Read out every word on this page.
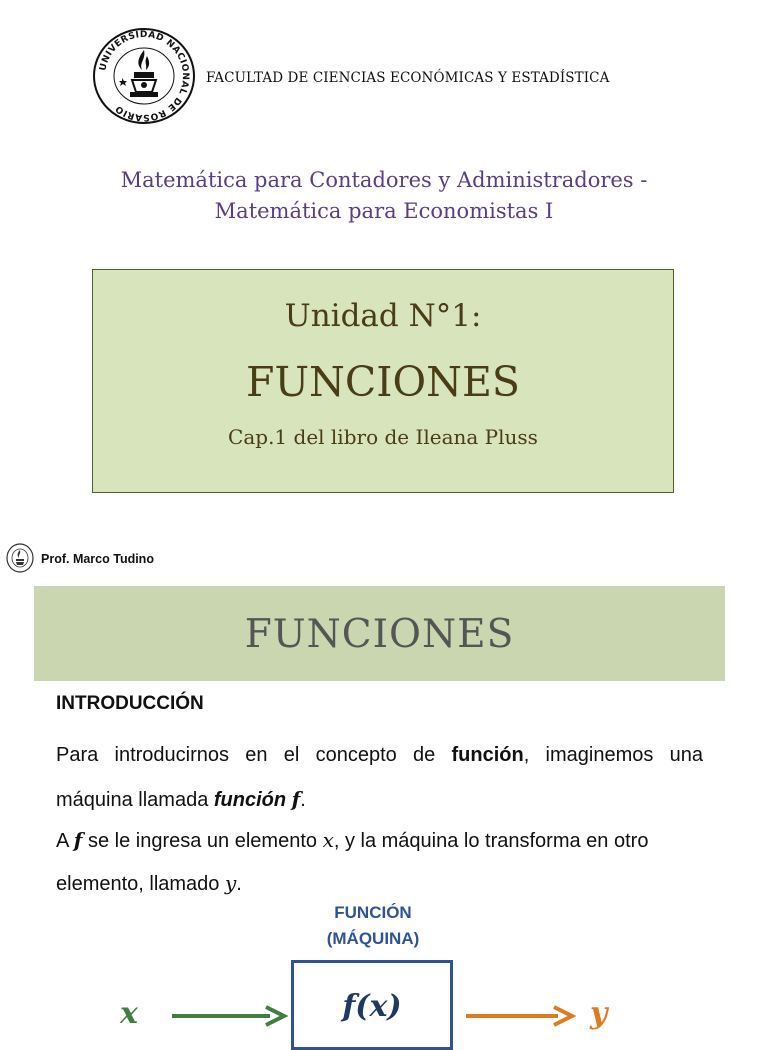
UNIVERSIDAD NACIONAL DE ROSARIO
FACULTAD DE CIENCIAS ECONÓMICAS Y ESTADÍSTICA
Matemática para Contadores y Administradores -
Matemática para Economistas I
Unidad N°1:
FUNCIONES
Cap.1 del libro de Ileana Pluss
Prof. Marco Tudino
FUNCIONES
INTRODUCCIÓN
Para introducirnos en el concepto de función, imaginemos una
máquina llamada función f.
A f se le ingresa un elemento x, y la máquina lo transforma en otro
elemento, llamado y.
FUNCIÓN
(MÁQUINA)
x	f(x)	y
